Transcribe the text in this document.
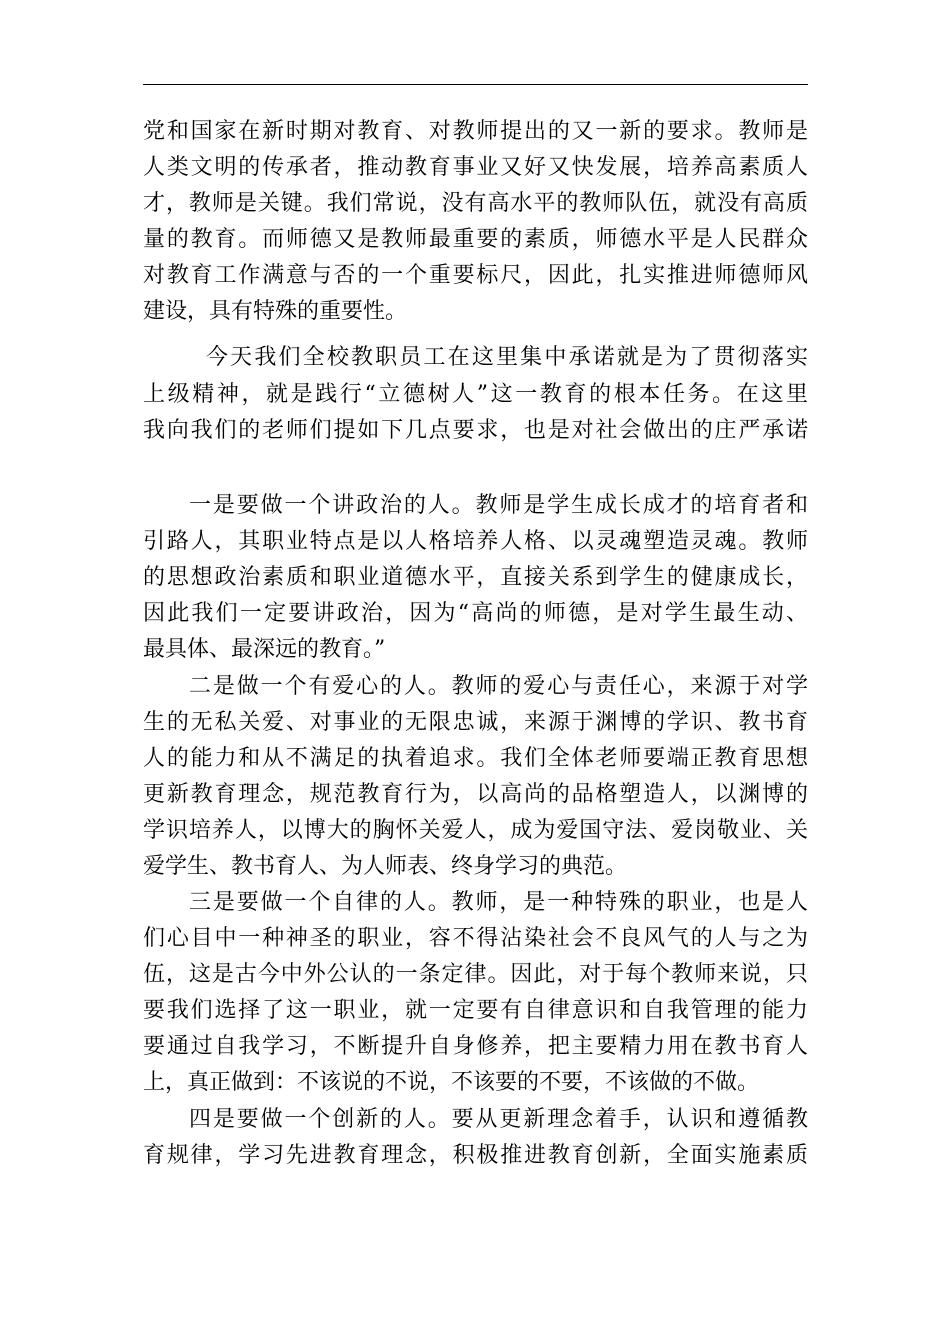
党和国家在新时期对教育、对教师提出的又一新的要求。教师是
人类文明的传承者，推动教育事业又好又快发展，培养高素质人
才，教师是关键。我们常说，没有高水平的教师队伍，就没有高质
量的教育。而师德又是教师最重要的素质，师德水平是人民群众
对教育工作满意与否的一个重要标尺，因此，扎实推进师德师风
建设，具有特殊的重要性。
今天我们全校教职员工在这里集中承诺就是为了贯彻落实
上级精神，就是践行“立德树人”这一教育的根本任务。在这里
我向我们的老师们提如下几点要求，也是对社会做出的庄严承诺
一是要做一个讲政治的人。教师是学生成长成才的培育者和
引路人，其职业特点是以人格培养人格、以灵魂塑造灵魂。教师
的思想政治素质和职业道德水平，直接关系到学生的健康成长，
因此我们一定要讲政治，因为“高尚的师德，是对学生最生动、
最具体、最深远的教育。”
二是做一个有爱心的人。教师的爱心与责任心，来源于对学
生的无私关爱、对事业的无限忠诚，来源于渊博的学识、教书育
人的能力和从不满足的执着追求。我们全体老师要端正教育思想
更新教育理念，规范教育行为，以高尚的品格塑造人，以渊博的
学识培养人，以博大的胸怀关爱人，成为爱国守法、爱岗敬业、关
爱学生、教书育人、为人师表、终身学习的典范。
三是要做一个自律的人。教师，是一种特殊的职业，也是人
们心目中一种神圣的职业，容不得沾染社会不良风气的人与之为
伍，这是古今中外公认的一条定律。因此，对于每个教师来说，只
要我们选择了这一职业，就一定要有自律意识和自我管理的能力
要通过自我学习，不断提升自身修养，把主要精力用在教书育人
上，真正做到：不该说的不说，不该要的不要，不该做的不做。
四是要做一个创新的人。要从更新理念着手，认识和遵循教
育规律，学习先进教育理念，积极推进教育创新，全面实施素质
